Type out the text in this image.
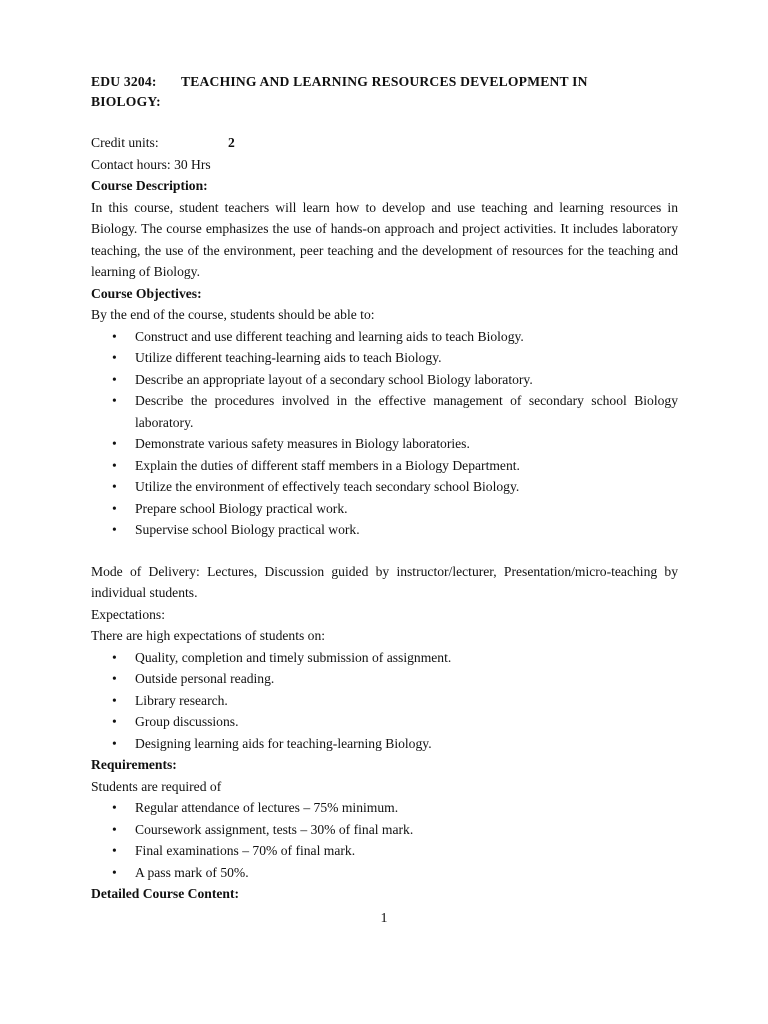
EDU 3204:	TEACHING AND LEARNING RESOURCES DEVELOPMENT IN
BIOLOGY:
Credit units:	2
Contact hours: 30 Hrs
Course Description:
In this course, student teachers will learn how to develop and use teaching and learning resources in Biology. The course emphasizes the use of hands-on approach and project activities. It includes laboratory teaching, the use of the environment, peer teaching and the development of resources for the teaching and learning of Biology.
Course Objectives:
By the end of the course, students should be able to:
• Construct and use different teaching and learning aids to teach Biology.
• Utilize different teaching-learning aids to teach Biology.
• Describe an appropriate layout of a secondary school Biology laboratory.
• Describe the procedures involved in the effective management of secondary school Biology laboratory.
• Demonstrate various safety measures in Biology laboratories.
• Explain the duties of different staff members in a Biology Department.
• Utilize the environment of effectively teach secondary school Biology.
• Prepare school Biology practical work.
• Supervise school Biology practical work.
Mode of Delivery: Lectures, Discussion guided by instructor/lecturer, Presentation/micro-teaching by individual students.
Expectations:
There are high expectations of students on:
• Quality, completion and timely submission of assignment.
• Outside personal reading.
• Library research.
• Group discussions.
• Designing learning aids for teaching-learning Biology.
Requirements:
Students are required of
• Regular attendance of lectures – 75% minimum.
• Coursework assignment, tests – 30% of final mark.
• Final examinations – 70% of final mark.
• A pass mark of 50%.
Detailed Course Content:
1
